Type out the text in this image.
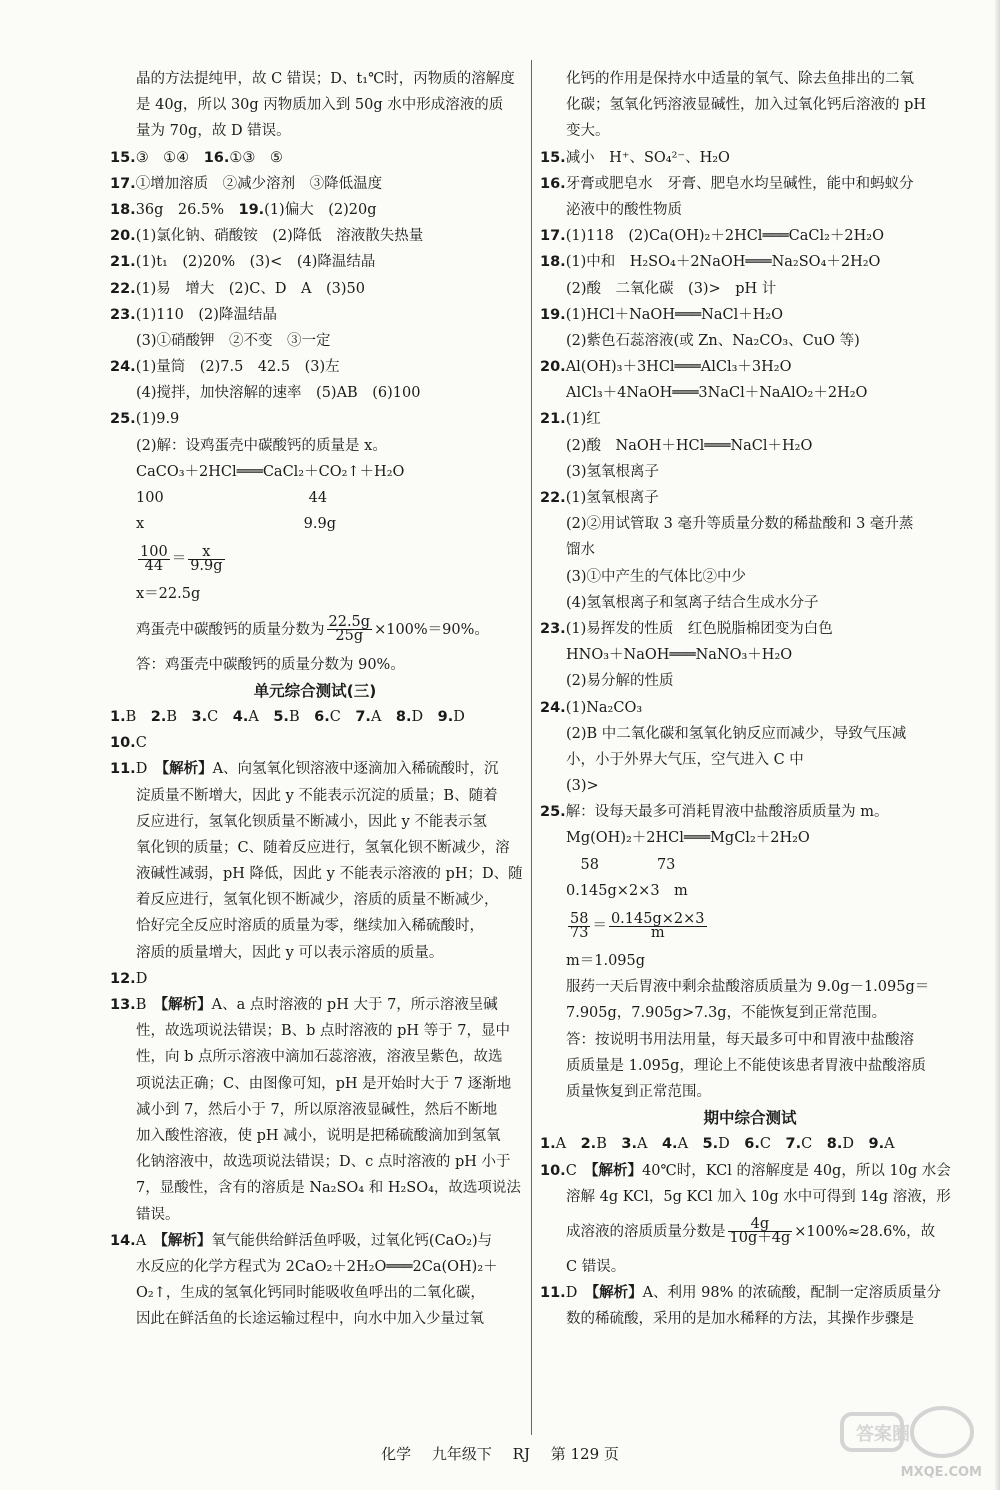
晶的方法提纯甲，故 C 错误；D、t₁℃时，丙物质的溶解度
是 40g，所以 30g 丙物质加入到 50g 水中形成溶液的质
量为 70g，故 D 错误。
15.③　①④　16.①③　⑤
17.①增加溶质　②减少溶剂　③降低温度
18.36g　26.5%　19.(1)偏大　(2)20g
20.(1)氯化钠、硝酸铵　(2)降低　溶液散失热量
21.(1)t₁　(2)20%　(3)<　(4)降温结晶
22.(1)易　增大　(2)C、D　A　(3)50
23.(1)110　(2)降温结晶
(3)①硝酸钾　②不变　③一定
24.(1)量筒　(2)7.5　42.5　(3)左
(4)搅拌，加快溶解的速率　(5)AB　(6)100
25.(1)9.9
(2)解：设鸡蛋壳中碳酸钙的质量是 x。
CaCO₃＋2HCl═══CaCl₂＋CO₂↑＋H₂O
100　　　　　　　　　　44
x　　　　　　　　　　　9.9g
$\frac{100}{44} = \frac{x}{9.9g}$
x＝22.5g
鸡蛋壳中碳酸钙的质量分数为 $\frac{22.5g}{25g} \times 100\%=90\%$。
答：鸡蛋壳中碳酸钙的质量分数为 90%。
单元综合测试(三)
1.B　2.B　3.C　4.A　5.B　6.C　7.A　8.D　9.D　
10.C
11.D　【解析】A、向氢氧化钡溶液中逐滴加入稀硫酸时，沉
淀质量不断增大，因此 y 不能表示沉淀的质量；B、随着
反应进行，氢氧化钡质量不断减小，因此 y 不能表示氢
氧化钡的质量；C、随着反应进行，氢氧化钡不断减少，溶
液碱性减弱，pH 降低，因此 y 不能表示溶液的 pH；D、随
着反应进行，氢氧化钡不断减少，溶质的质量不断减少，
恰好完全反应时溶质的质量为零，继续加入稀硫酸时，
溶质的质量增大，因此 y 可以表示溶质的质量。
12.D
13.B　【解析】A、a 点时溶液的 pH 大于 7，所示溶液呈碱
性，故选项说法错误；B、b 点时溶液的 pH 等于 7，显中
性，向 b 点所示溶液中滴加石蕊溶液，溶液呈紫色，故选
项说法正确；C、由图像可知，pH 是开始时大于 7 逐渐地
减小到 7，然后小于 7，所以原溶液显碱性，然后不断地
加入酸性溶液，使 pH 减小，说明是把稀硫酸滴加到氢氧
化钠溶液中，故选项说法错误；D、c 点时溶液的 pH 小于
7，显酸性，含有的溶质是 Na₂SO₄ 和 H₂SO₄，故选项说法
错误。
14.A　【解析】氧气能供给鲜活鱼呼吸，过氧化钙(CaO₂)与
水反应的化学方程式为 2CaO₂＋2H₂O═══2Ca(OH)₂＋
O₂↑，生成的氢氧化钙同时能吸收鱼呼出的二氧化碳，
因此在鲜活鱼的长途运输过程中，向水中加入少量过氧
化钙的作用是保持水中适量的氧气、除去鱼排出的二氧
化碳；氢氧化钙溶液显碱性，加入过氧化钙后溶液的 pH
变大。
15.减小　H⁺、SO₄²⁻、H₂O
16.牙膏或肥皂水　牙膏、肥皂水均呈碱性，能中和蚂蚁分
泌液中的酸性物质
17.(1)118　(2)Ca(OH)₂＋2HCl═══CaCl₂＋2H₂O
18.(1)中和　H₂SO₄＋2NaOH═══Na₂SO₄＋2H₂O
(2)酸　二氧化碳　(3)>　pH 计
19.(1)HCl＋NaOH═══NaCl＋H₂O
(2)紫色石蕊溶液(或 Zn、Na₂CO₃、CuO 等)
20.Al(OH)₃＋3HCl═══AlCl₃＋3H₂O
AlCl₃＋4NaOH═══3NaCl＋NaAlO₂＋2H₂O
21.(1)红
(2)酸　NaOH＋HCl═══NaCl＋H₂O
(3)氢氧根离子
22.(1)氢氧根离子
(2)②用试管取 3 毫升等质量分数的稀盐酸和 3 毫升蒸
馏水
(3)①中产生的气体比②中少
(4)氢氧根离子和氢离子结合生成水分子
23.(1)易挥发的性质　红色脱脂棉团变为白色
HNO₃＋NaOH═══NaNO₃＋H₂O
(2)易分解的性质
24.(1)Na₂CO₃
(2)B 中二氧化碳和氢氧化钠反应而减少，导致气压减
小，小于外界大气压，空气进入 C 中
(3)>
25.解：设每天最多可消耗胃液中盐酸溶质质量为 m。
Mg(OH)₂＋2HCl═══MgCl₂＋2H₂O
　58　　　　73
0.145g×2×3　m
$\frac{58}{73} = \frac{0.145g\times 2\times 3}{m}$
m＝1.095g
服药一天后胃液中剩余盐酸溶质质量为 9.0g－1.095g＝
7.905g，7.905g>7.3g，不能恢复到正常范围。
答：按说明书用法用量，每天最多可中和胃液中盐酸溶
质质量是 1.095g，理论上不能使该患者胃液中盐酸溶质
质量恢复到正常范围。
期中综合测试
1.A　2.B　3.A　4.A　5.D　6.C　7.C　8.D　9.A　
10.C　【解析】40℃时，KCl 的溶解度是 40g，所以 10g 水会
溶解 4g KCl，5g KCl 加入 10g 水中可得到 14g 溶液，形
成溶液的溶质质量分数是 $\frac{4g}{10g+4g} \times 100\%\approx 28.6\%$，故
C 错误。
11.D　【解析】A、利用 98% 的浓硫酸，配制一定溶质质量分
数的稀硫酸，采用的是加水稀释的方法，其操作步骤是
化学 九年级下 RJ 第 129 页
答案圈
MXQE.COM
